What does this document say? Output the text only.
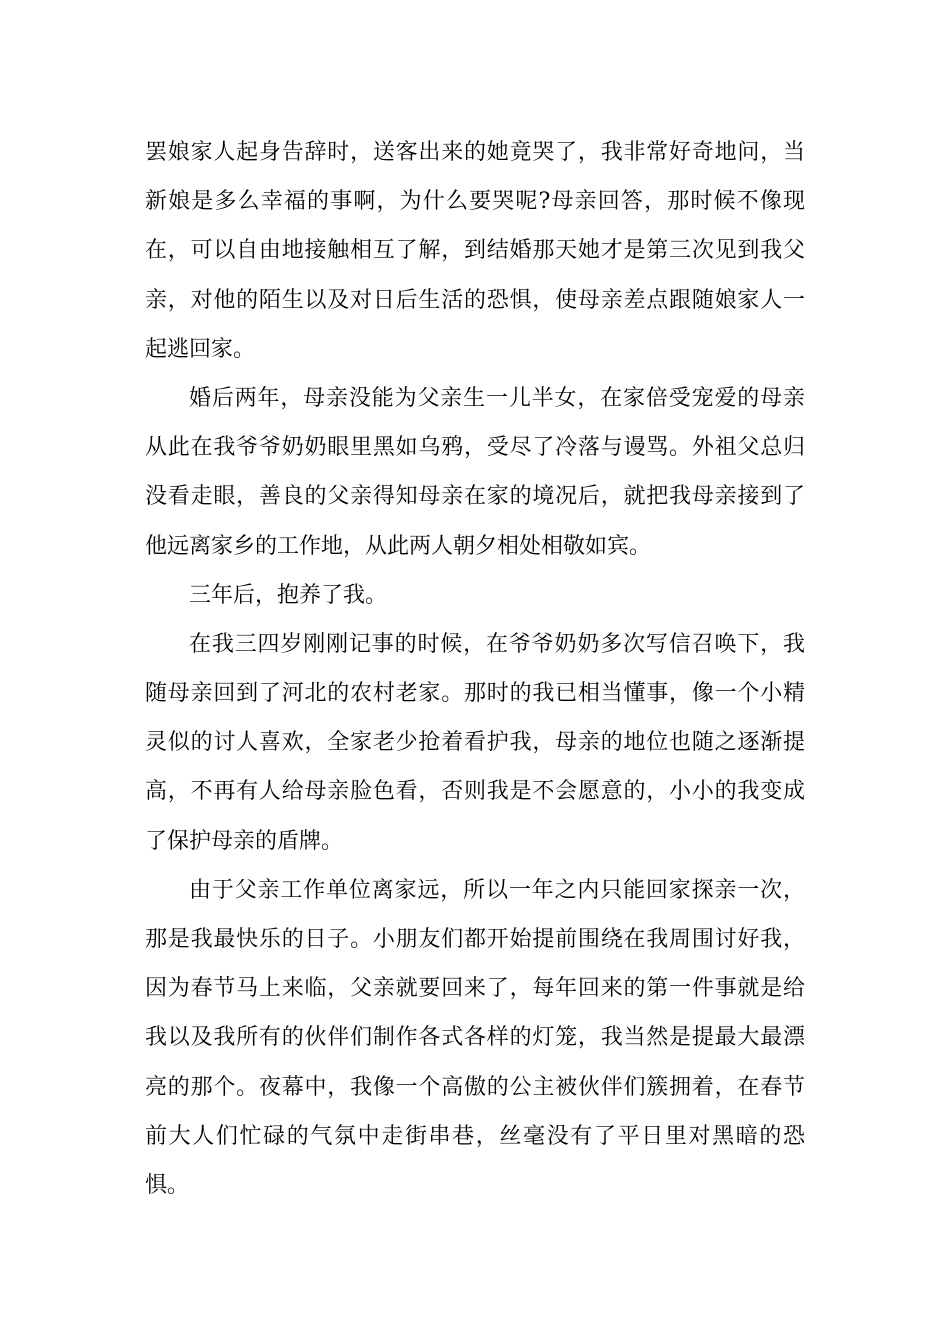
罢娘家人起身告辞时，送客出来的她竟哭了，我非常好奇地问，当
新娘是多么幸福的事啊，为什么要哭呢?母亲回答，那时候不像现
在，可以自由地接触相互了解，到结婚那天她才是第三次见到我父
亲，对他的陌生以及对日后生活的恐惧，使母亲差点跟随娘家人一
起逃回家。
婚后两年，母亲没能为父亲生一儿半女，在家倍受宠爱的母亲
从此在我爷爷奶奶眼里黑如乌鸦，受尽了冷落与谩骂。外祖父总归
没看走眼，善良的父亲得知母亲在家的境况后，就把我母亲接到了
他远离家乡的工作地，从此两人朝夕相处相敬如宾。
三年后，抱养了我。
在我三四岁刚刚记事的时候，在爷爷奶奶多次写信召唤下，我
随母亲回到了河北的农村老家。那时的我已相当懂事，像一个小精
灵似的讨人喜欢，全家老少抢着看护我，母亲的地位也随之逐渐提
高，不再有人给母亲脸色看，否则我是不会愿意的，小小的我变成
了保护母亲的盾牌。
由于父亲工作单位离家远，所以一年之内只能回家探亲一次，
那是我最快乐的日子。小朋友们都开始提前围绕在我周围讨好我，
因为春节马上来临，父亲就要回来了，每年回来的第一件事就是给
我以及我所有的伙伴们制作各式各样的灯笼，我当然是提最大最漂
亮的那个。夜幕中，我像一个高傲的公主被伙伴们簇拥着，在春节
前大人们忙碌的气氛中走街串巷，丝毫没有了平日里对黑暗的恐
惧。
